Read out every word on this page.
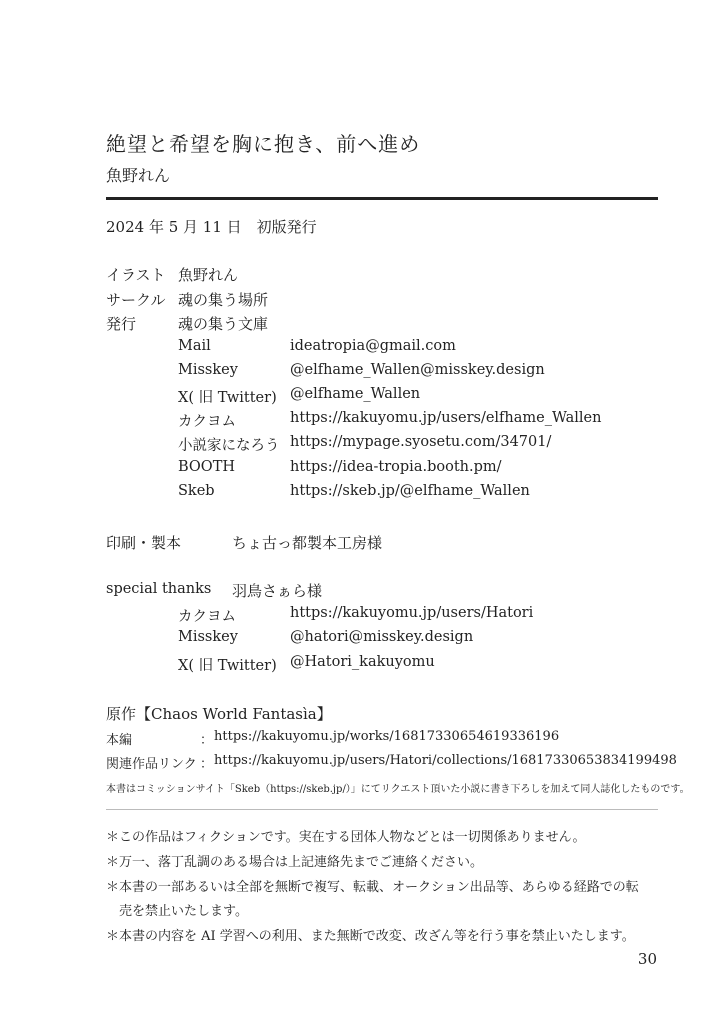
絶望と希望を胸に抱き、前へ進め
魚野れん
2024 年 5 月 11 日　初版発行
イラスト 魚野れん
サークル 魂の集う場所
発行	魂の集う文庫
Mail	ideatropia@gmail.com
Misskey	@elfhame_Wallen@misskey.design
X( 旧 Twitter) @elfhame_Wallen
カクヨム	https://kakuyomu.jp/users/elfhame_Wallen
小説家になろう https://mypage.syosetu.com/34701/
BOOTH	https://idea-tropia.booth.pm/
Skeb	https://skeb.jp/@elfhame_Wallen
印刷・製本	ちょ古っ都製本工房様
special thanks 羽鳥さぁら様
カクヨム	https://kakuyomu.jp/users/Hatori
Misskey	@hatori@misskey.design
X( 旧 Twitter) @Hatori_kakuyomu
原作【Chaos World Fantasìa】
本編	： https://kakuyomu.jp/works/16817330654619336196
関連作品リンク ： https://kakuyomu.jp/users/Hatori/collections/16817330653834199498
本書はコミッションサイト「Skeb（https://skeb.jp/）」にてリクエスト頂いた小説に書き下ろしを加えて同人誌化したものです。
＊この作品はフィクションです。実在する団体人物などとは一切関係ありません。
＊万一、落丁乱調のある場合は上記連絡先までご連絡ください。
＊本書の一部あるいは全部を無断で複写、転載、オークション出品等、あらゆる経路での転
　売を禁止いたします。
＊本書の内容を AI 学習への利用、また無断で改変、改ざん等を行う事を禁止いたします。
30
